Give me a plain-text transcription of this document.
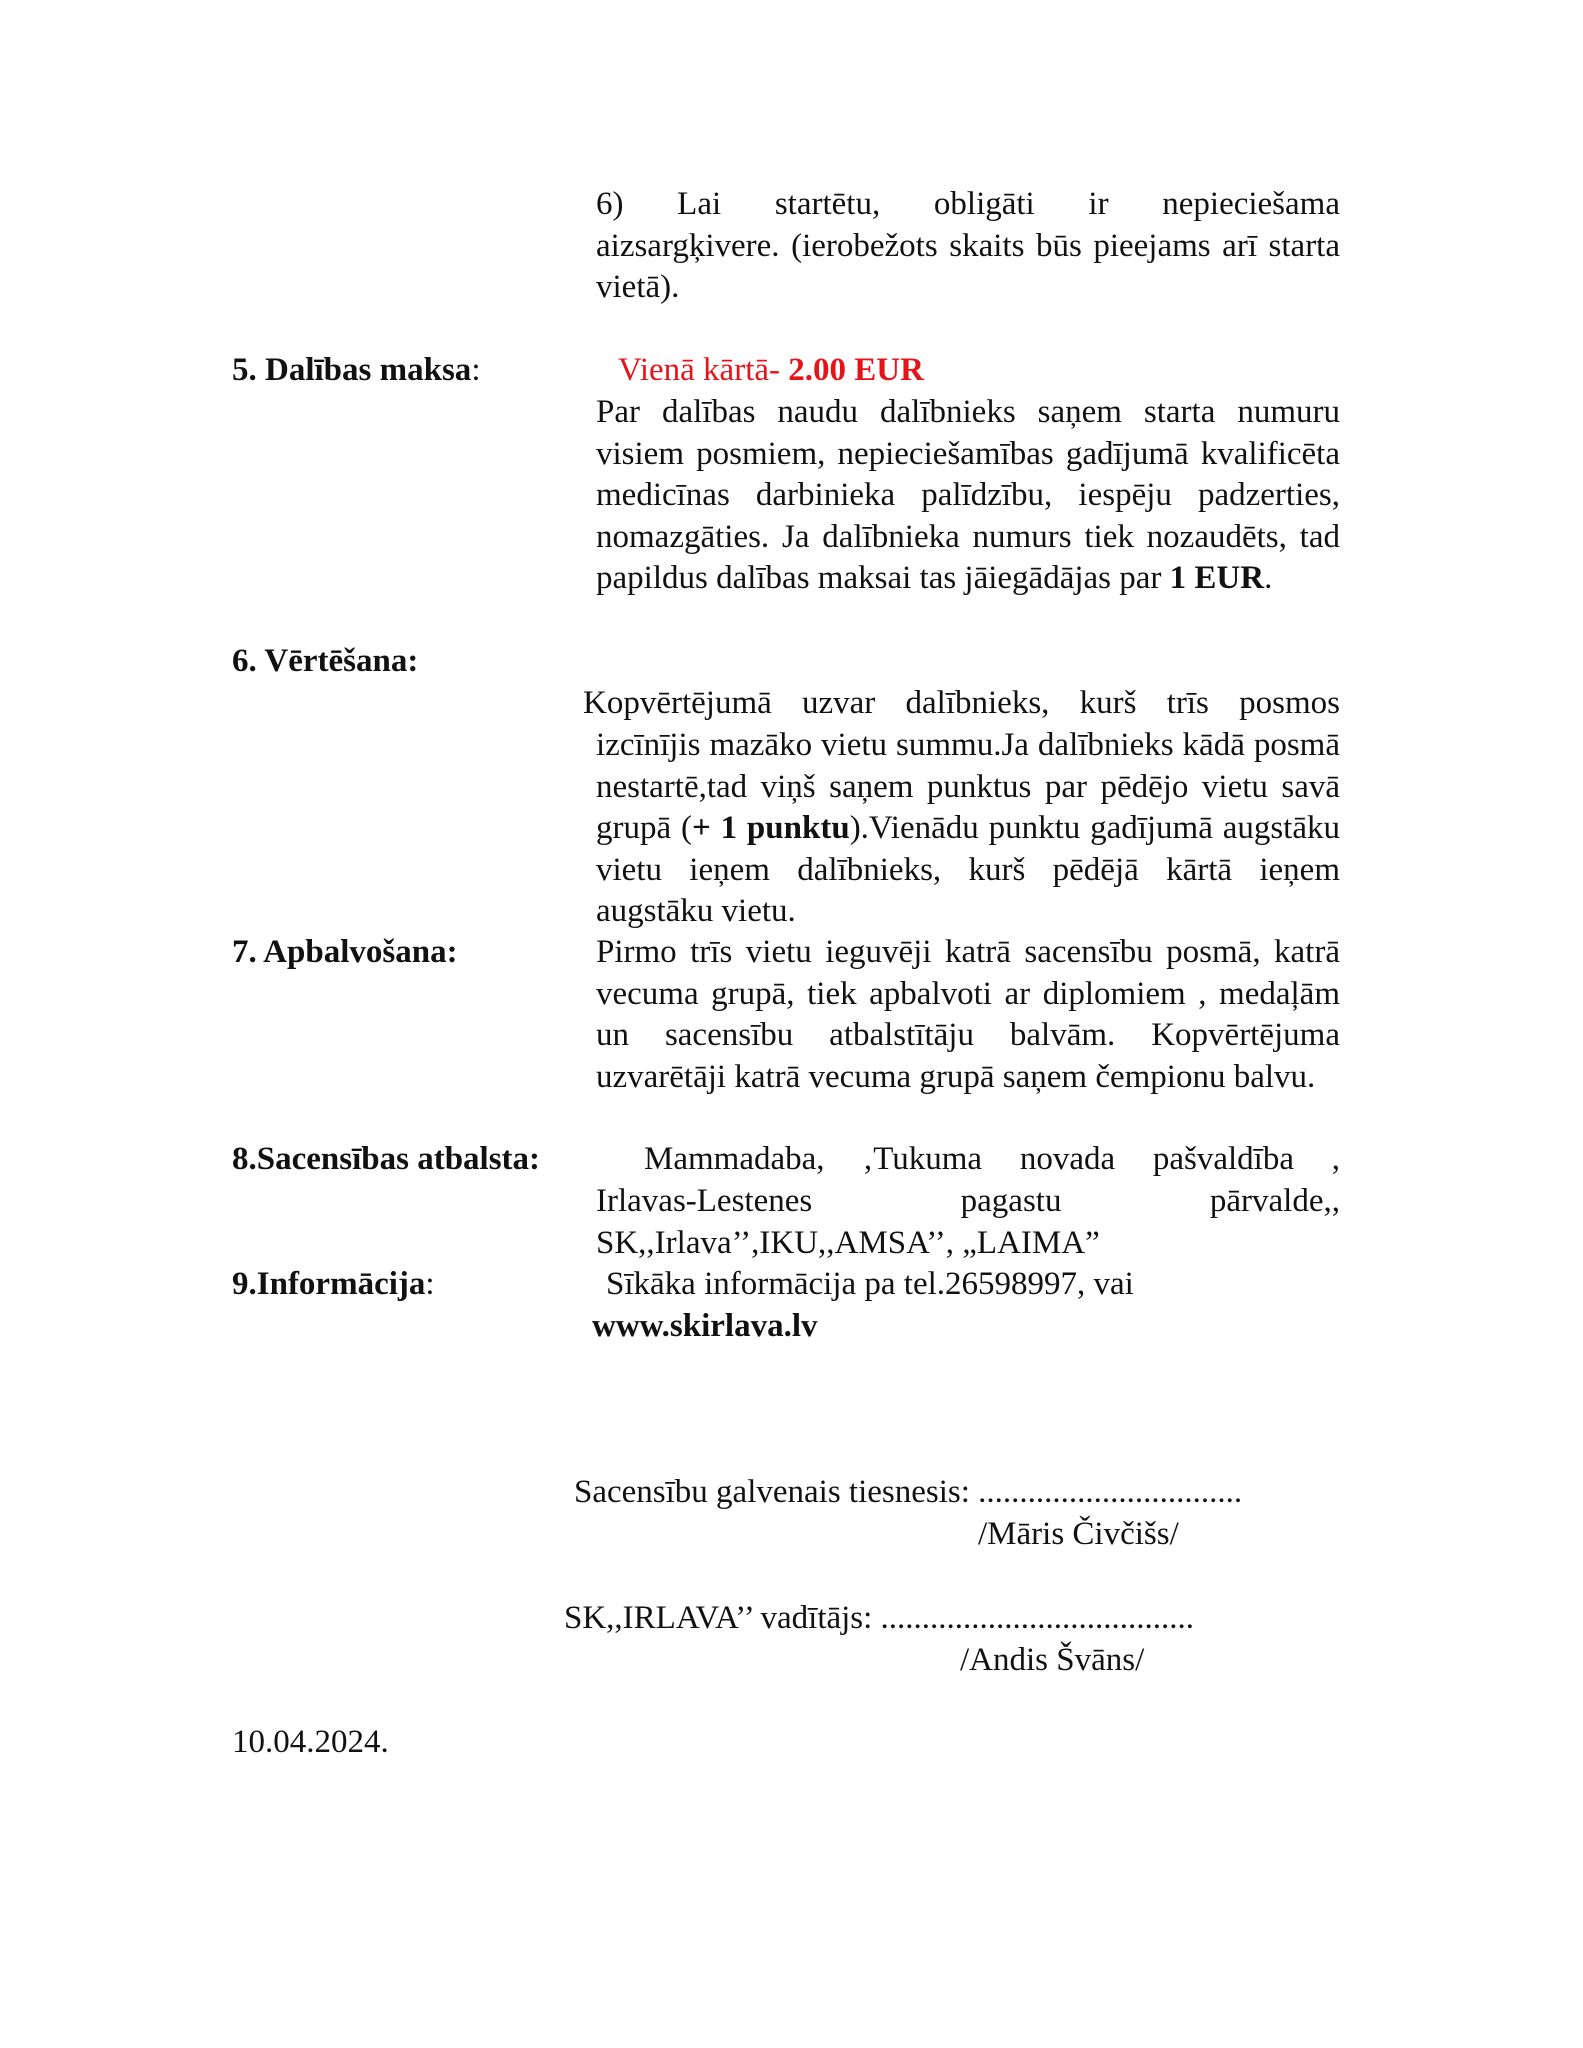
6) Lai startētu, obligāti ir nepieciešama
aizsargķivere. (ierobežots skaits būs pieejams arī starta vietā).
5. Dalības maksa:	Vienā kārtā- 2.00 EUR
Par dalības naudu dalībnieks saņem starta numuru visiem posmiem, nepieciešamības gadījumā kvalificēta medicīnas darbinieka palīdzību, iespēju padzerties, nomazgāties. Ja dalībnieka numurs tiek nozaudēts, tad papildus dalības maksai tas jāiegādājas par 1 EUR.
6. Vērtēšana:
Kopvērtējumā uzvar dalībnieks, kurš trīs posmos
izcīnījis mazāko vietu summu.Ja dalībnieks kādā posmā nestartē,tad viņš saņem punktus par pēdējo vietu savā grupā (+ 1 punktu).Vienādu punktu gadījumā augstāku vietu ieņem dalībnieks, kurš pēdējā kārtā ieņem augstāku vietu.
7. Apbalvošana:	Pirmo trīs vietu ieguvēji katrā sacensību posmā, katrā vecuma grupā, tiek apbalvoti ar diplomiem , medaļām un sacensību atbalstītāju balvām. Kopvērtējuma uzvarētāji katrā vecuma grupā saņem čempionu balvu.
8.Sacensības atbalsta:	Mammadaba, ‚Tukuma novada pašvaldība ,
Irlavas-Lestenes pagastu pārvalde,,
SK,,Irlava’’,IKU,,AMSA’’, „LAIMA”
9.Informācija:	Sīkāka informācija pa tel.26598997, vai
www.skirlava.lv
Sacensību galvenais tiesnesis: ................................
/Māris Čivčišs/
SK,,IRLAVA’’ vadītājs: ......................................
/Andis Švāns/
10.04.2024.
